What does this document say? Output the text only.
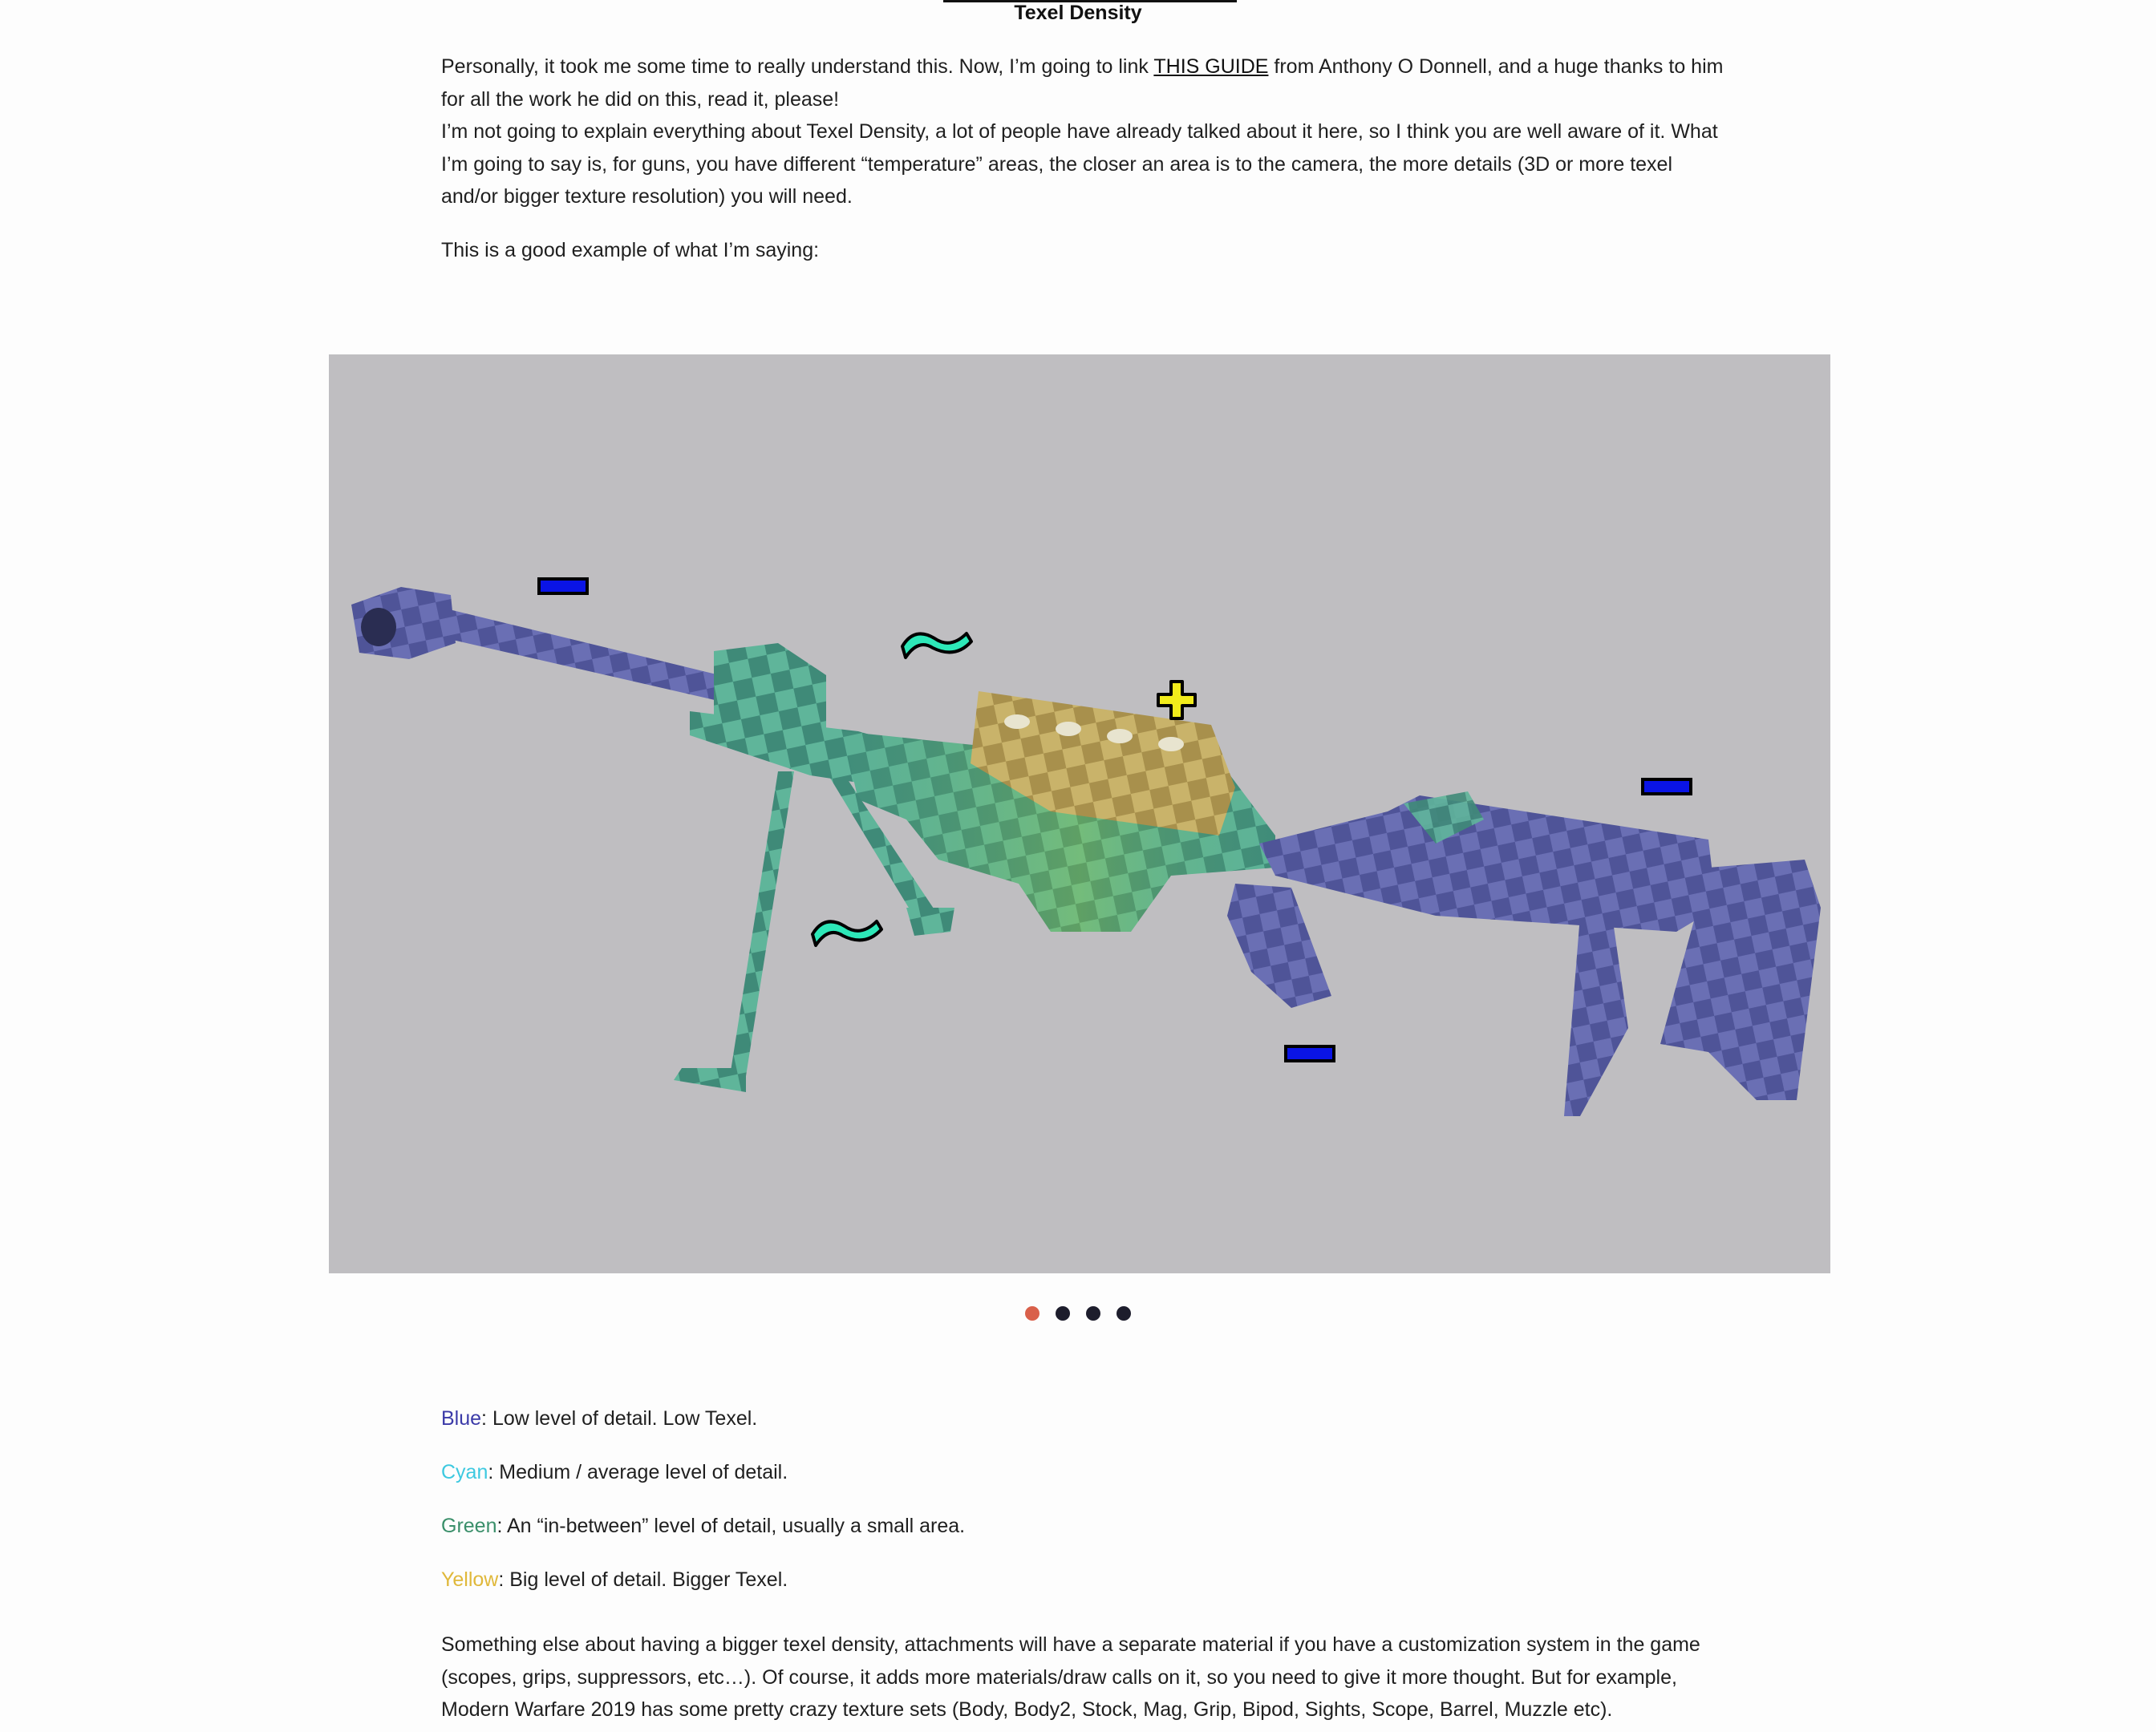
Texel Density

Personally, it took me some time to really understand this. Now, I’m going to link THIS GUIDE from Anthony O Donnell, and a huge thanks to him for all the work he did on this, read it, please!

I’m not going to explain everything about Texel Density, a lot of people have already talked about it here, so I think you are well aware of it. What I’m going to say is, for guns, you have different “temperature” areas, the closer an area is to the camera, the more details (3D or more texel and/or bigger texture resolution) you will need.

This is a good example of what I’m saying:
Blue: Low level of detail. Low Texel.
Cyan: Medium / average level of detail.
Green: An “in-between” level of detail, usually a small area.
Yellow: Big level of detail. Bigger Texel.
Something else about having a bigger texel density, attachments will have a separate material if you have a customization system in the game (scopes, grips, suppressors, etc…). Of course, it adds more materials/draw calls on it, so you need to give it more thought. But for example, Modern Warfare 2019 has some pretty crazy texture sets (Body, Body2, Stock, Mag, Grip, Bipod, Sights, Scope, Barrel, Muzzle etc).
